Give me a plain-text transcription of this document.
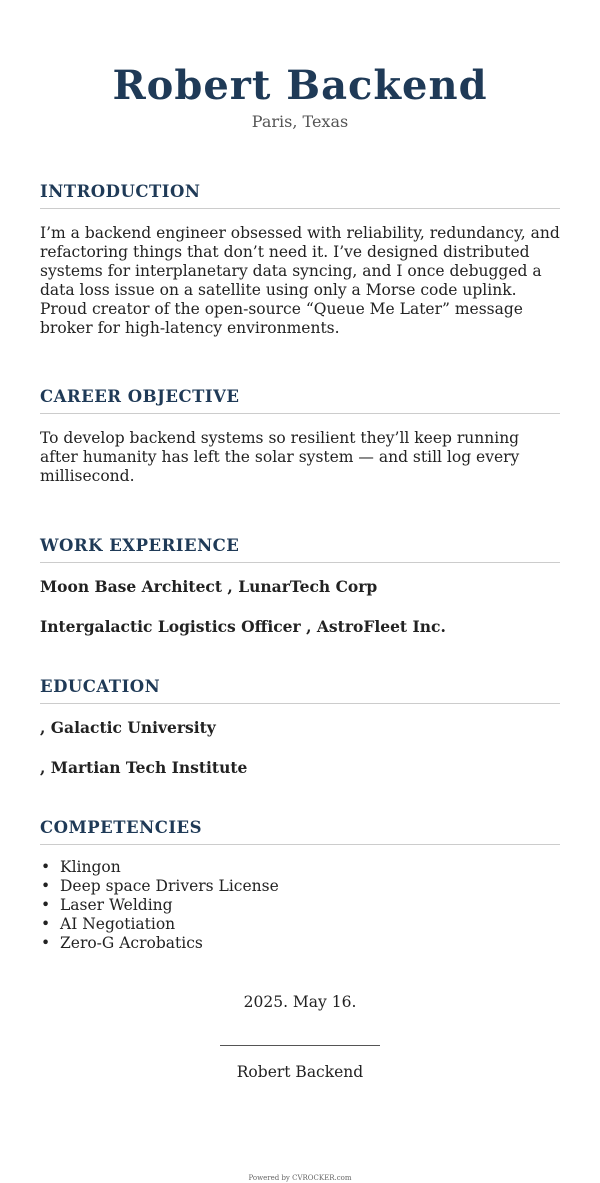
Robert Backend
Paris, Texas
INTRODUCTION

I’m a backend engineer obsessed with reliability, redundancy, and refactoring things that don’t need it. I’ve designed distributed systems for interplanetary data syncing, and I once debugged a data loss issue on a satellite using only a Morse code uplink. Proud creator of the open-source “Queue Me Later” message broker for high-latency environments.

CAREER OBJECTIVE

To develop backend systems so resilient they’ll keep running after humanity has left the solar system — and still log every millisecond.

WORK EXPERIENCE
Moon Base Architect , LunarTech Corp
Intergalactic Logistics Officer , AstroFleet Inc.
EDUCATION
, Galactic University
, Martian Tech Institute
COMPETENCIES
• Klingon
• Deep space Drivers License
• Laser Welding
• AI Negotiation
• Zero-G Acrobatics
2025. May 16.
Robert Backend
Powered by CVROCKER.com
